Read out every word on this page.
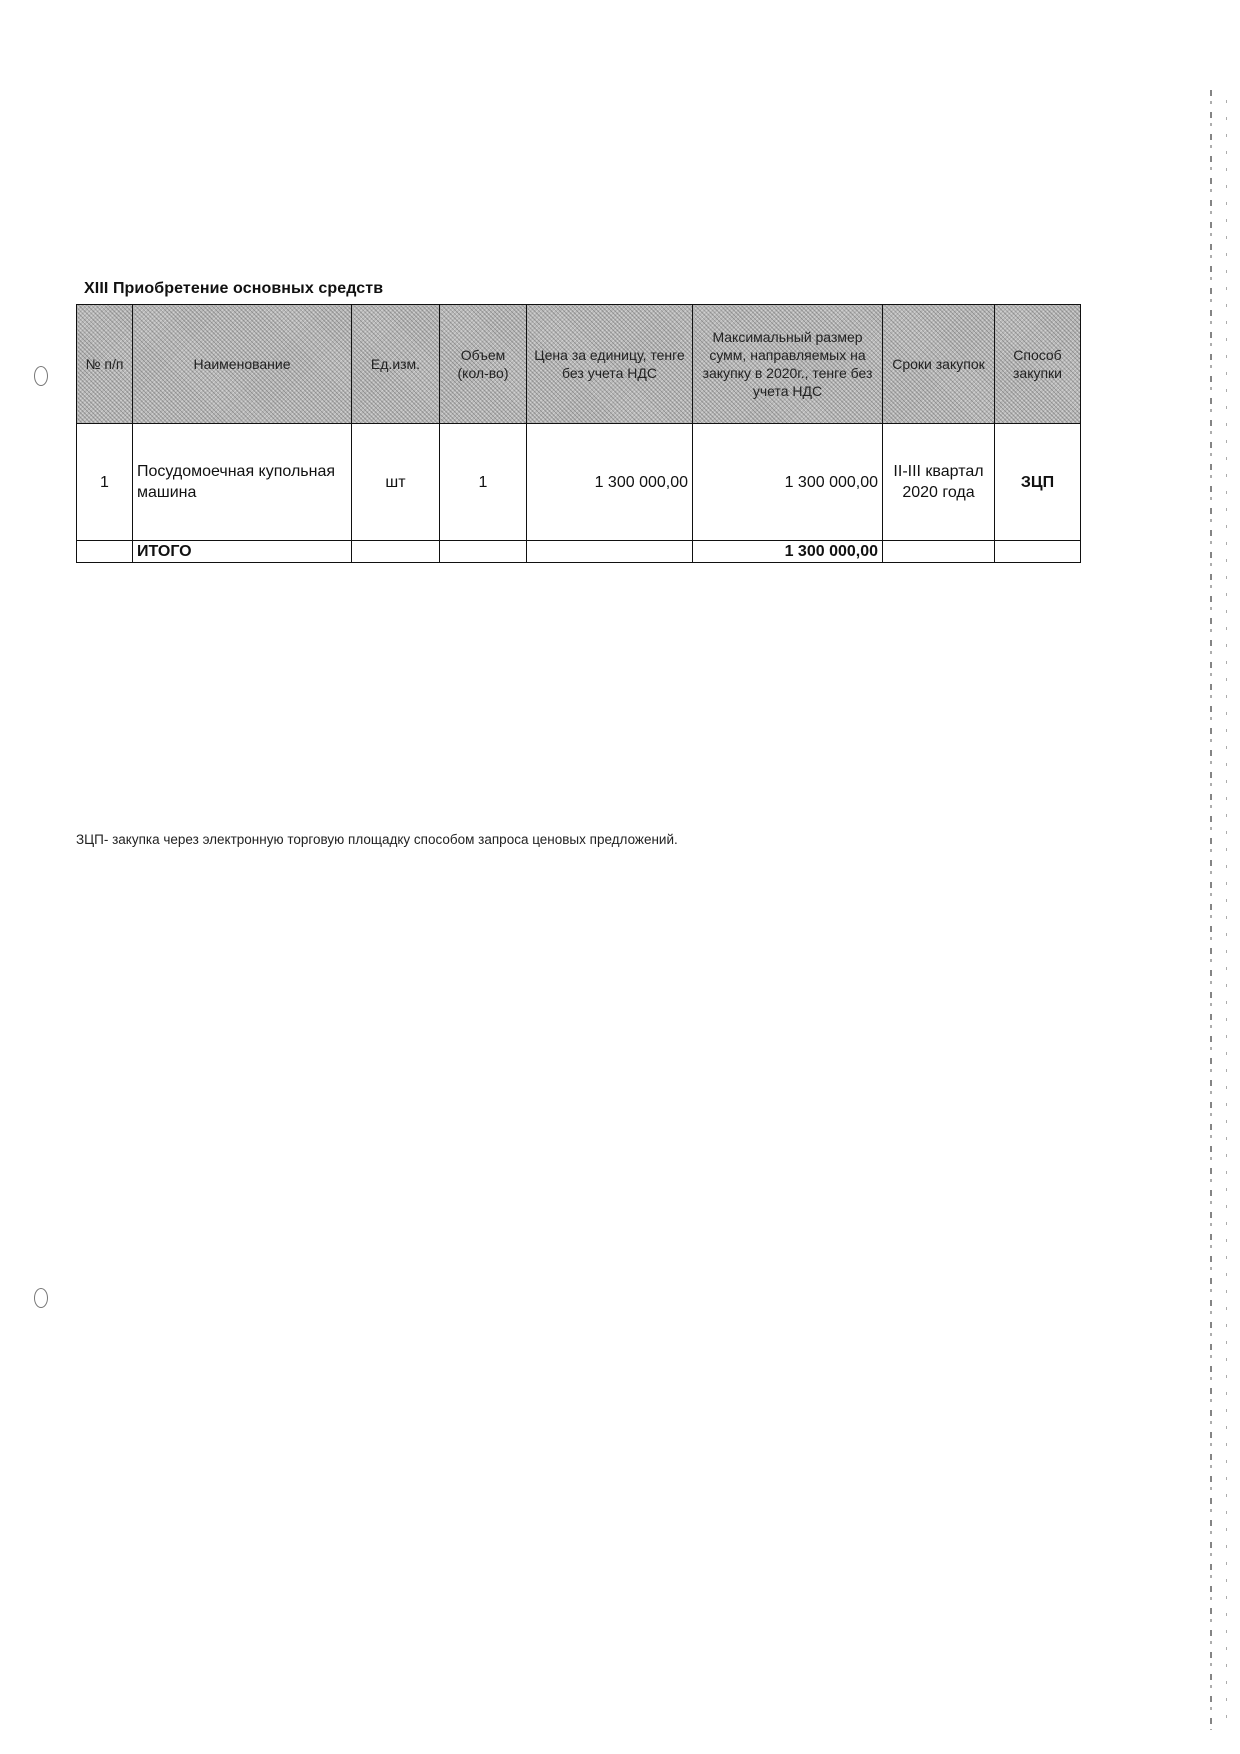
XIII Приобретение основных средств
№ п/п	Наименование	Ед.изм.	Объем (кол-во)	Цена за единицу, тенге без учета НДС	Максимальный размер сумм, направляемых на закупку в 2020г., тенге без учета НДС	Сроки закупок	Способ закупки
1	Посудомоечная купольная машина	шт	1	1 300 000,00	1 300 000,00	II-III квартал 2020 года	ЗЦП
	ИТОГО				1 300 000,00		
ЗЦП- закупка через электронную торговую площадку способом запроса ценовых предложений.
